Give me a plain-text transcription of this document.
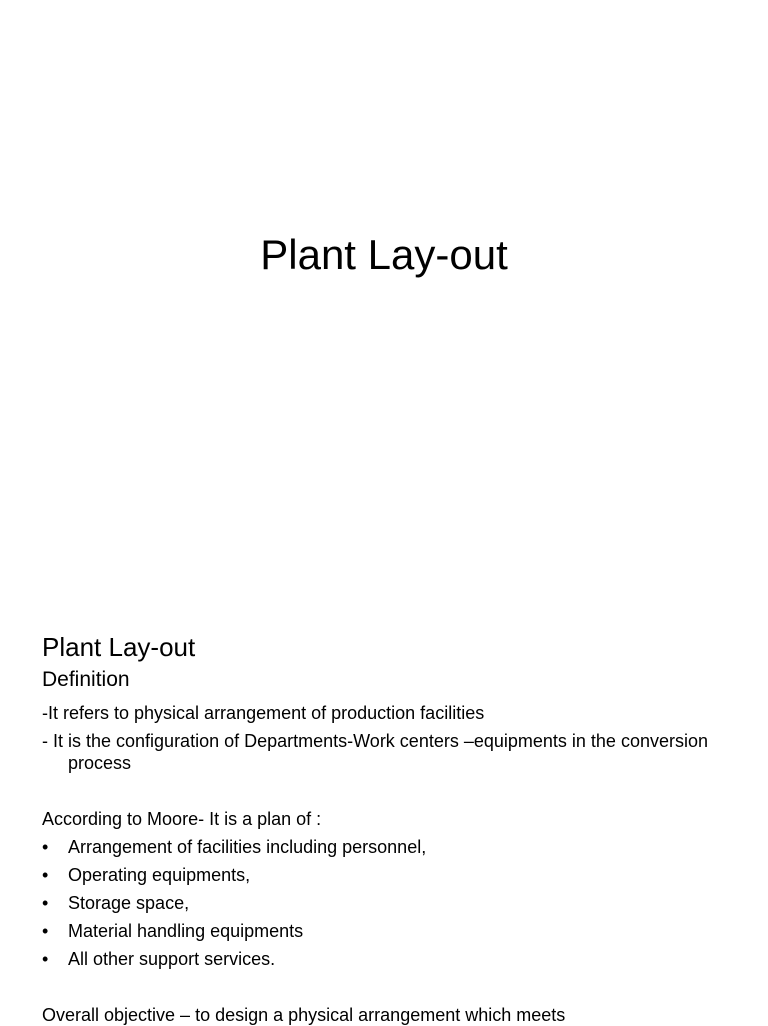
Plant Lay-out
Plant Lay-out
Definition
-It refers to physical arrangement of production facilities
- It is the configuration of Departments-Work centers –equipments in the conversion process
According to Moore- It is a plan of :
• Arrangement of facilities including personnel,
• Operating equipments,
• Storage space,
• Material handling equipments
• All other support services.
Overall objective – to design a physical arrangement which meets
